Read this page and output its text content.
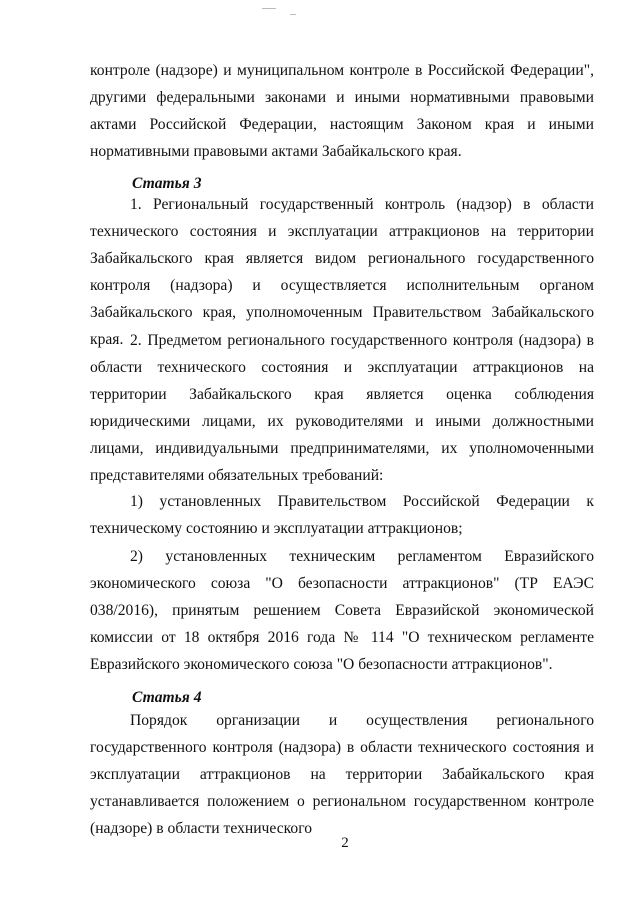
контроле (надзоре) и муниципальном контроле в Российской Федерации", другими федеральными законами и иными нормативными правовыми актами Российской Федерации, настоящим Законом края и иными нормативными правовыми актами Забайкальского края.

Статья 3

1. Региональный государственный контроль (надзор) в области технического состояния и эксплуатации аттракционов на территории Забайкальского края является видом регионального государственного контроля (надзора) и осуществляется исполнительным органом Забайкальского края, уполномоченным Правительством Забайкальского края. 2. Предметом регионального государственного контроля (надзора) в области технического состояния и эксплуатации аттракционов на территории Забайкальского края является оценка соблюдения юридическими лицами, их руководителями и иными должностными лицами, индивидуальными предпринимателями, их уполномоченными представителями обязательных требований:

1) установленных Правительством Российской Федерации к техническому состоянию и эксплуатации аттракционов;

2) установленных техническим регламентом Евразийского экономического союза "О безопасности аттракционов" (ТР ЕАЭС 038/2016), принятым решением Совета Евразийской экономической комиссии от 18 октября 2016 года № 114 "О техническом регламенте Евразийского экономического союза "О безопасности аттракционов".

Статья 4

Порядок организации и осуществления регионального государственного контроля (надзора) в области технического состояния и эксплуатации аттракционов на территории Забайкальского края устанавливается положением о региональном государственном контроле (надзоре) в области технического

2
